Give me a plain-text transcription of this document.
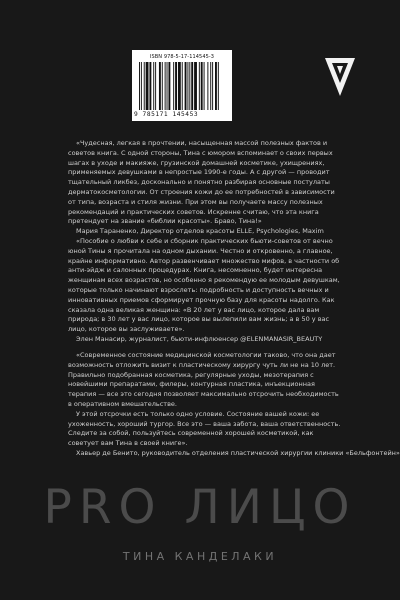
ISBN 978-5-17-114545-3
9 785171 145453

«Чудесная, легкая в прочтении, насыщенная массой полезных фактов и советов книга. С одной стороны, Тина с юмором вспоминает о своих первых шагах в уходе и макияже, грузинской домашней косметике, ухищрениях, применяемых девушками в непростые 1990-е годы. А с другой — проводит тщательный ликбез, досконально и понятно разбирая основные постулаты дерматокосметологии. От строения кожи до ее потребностей в зависимости от типа, возраста и стиля жизни. При этом вы получаете массу полезных рекомендаций и практических советов. Искренне считаю, что эта книга претендует на звание «библии красоты». Браво, Тина!»

Мария Тараненко, Директор отделов красоты ELLE, Psychologies, Maxim

«Пособие о любви к себе и сборник практических бьюти-советов от вечно юной Тины я прочитала на одном дыхании. Честно и откровенно, а главное, крайне информативно. Автор развенчивает множество мифов, в частности об анти-эйдж и салонных процедурах. Книга, несомненно, будет интересна женщинам всех возрастов, но особенно я рекомендую ее молодым девушкам, которые только начинают взрослеть: подробность и доступность вечных и инновативных приемов сформирует прочную базу для красоты надолго. Как сказала одна великая женщина: «В 20 лет у вас лицо, которое дала вам природа; в 30 лет у вас лицо, которое вы вылепили вам жизнь; а в 50 у вас лицо, которое вы заслуживаете».

Элен Манасир, журналист, бьюти-инфлюенсер @ELENMANASIR_BEAUTY

«Современное состояние медицинской косметологии таково, что она дает возможность отложить визит к пластическому хирургу чуть ли не на 10 лет. Правильно подобранная косметика, регулярные уходы, мезотерапия с новейшими препаратами, филеры, контурная пластика, инъекционная терапия — все это сегодня позволяет максимально отсрочить необходимость в оперативном вмешательстве.

У этой отсрочки есть только одно условие. Состояние вашей кожи: ее ухоженность, хороший тургор. Все это — ваша забота, ваша ответственность. Следите за собой, пользуйтесь современной хорошей косметикой, как советует вам Тина в своей книге».

Хавьер де Бенито, руководитель отделения пластической хирургии клиники «Бельфонтейн»
PRO ЛИЦО
ТИНА КАНДЕЛАКИ
